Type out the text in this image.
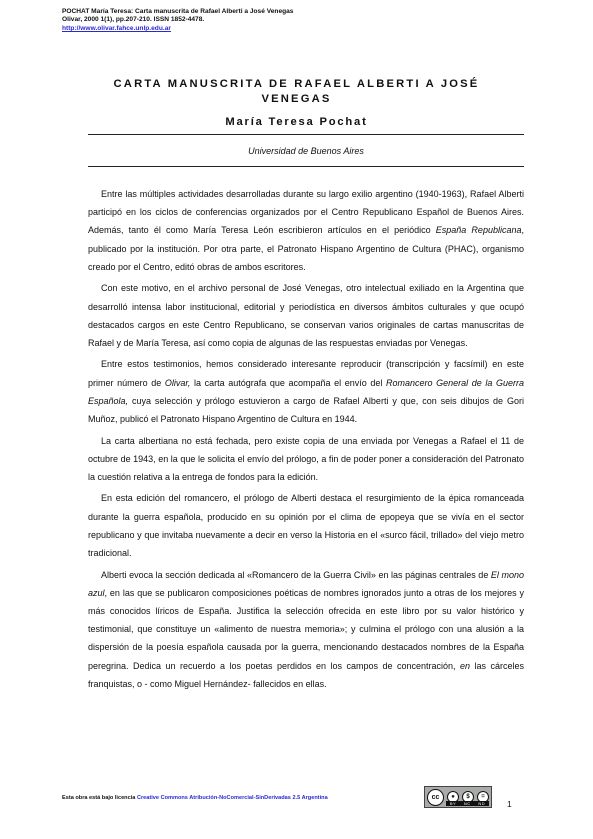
POCHAT María Teresa: Carta manuscrita de Rafael Alberti a José Venegas
Olivar, 2000 1(1), pp.207-210. ISSN 1852-4478.
http://www.olivar.fahce.unlp.edu.ar
CARTA MANUSCRITA DE RAFAEL ALBERTI A JOSÉ VENEGAS
María Teresa Pochat
Universidad de Buenos Aires

Entre las múltiples actividades desarrolladas durante su largo exilio argentino (1940-1963), Rafael Alberti participó en los ciclos de conferencias organizados por el Centro Republicano Español de Buenos Aires. Además, tanto él como María Teresa León escribieron artículos en el periódico España Republicana, publicado por la institución. Por otra parte, el Patronato Hispano Argentino de Cultura (PHAC), organismo creado por el Centro, editó obras de ambos escritores.

Con este motivo, en el archivo personal de José Venegas, otro intelectual exiliado en la Argentina que desarrolló intensa labor institucional, editorial y periodística en diversos ámbitos culturales y que ocupó destacados cargos en este Centro Republicano, se conservan varios originales de cartas manuscritas de Rafael y de María Teresa, así como copia de algunas de las respuestas enviadas por Venegas.

Entre estos testimonios, hemos considerado interesante reproducir (transcripción y facsímil) en este primer número de Olivar, la carta autógrafa que acompaña el envío del Romancero General de la Guerra Española, cuya selección y prólogo estuvieron a cargo de Rafael Alberti y que, con seis dibujos de Gori Muñoz, publicó el Patronato Hispano Argentino de Cultura en 1944.

La carta albertiana no está fechada, pero existe copia de una enviada por Venegas a Rafael el 11 de octubre de 1943, en la que le solicita el envío del prólogo, a fin de poder poner a consideración del Patronato la cuestión relativa a la entrega de fondos para la edición.

En esta edición del romancero, el prólogo de Alberti destaca el resurgimiento de la épica romanceada durante la guerra española, producido en su opinión por el clima de epopeya que se vivía en el sector republicano y que invitaba nuevamente a decir en verso la Historia en el «surco fácil, trillado» del viejo metro tradicional.

Alberti evoca la sección dedicada al «Romancero de la Guerra Civil» en las páginas centrales de El mono azul, en las que se publicaron composiciones poéticas de nombres ignorados junto a otras de los mejores y más conocidos líricos de España. Justifica la selección ofrecida en este libro por su valor histórico y testimonial, que constituye un «alimento de nuestra memoria»; y culmina el prólogo con una alusión a la dispersión de la poesía española causada por la guerra, mencionando destacados nombres de la España peregrina. Dedica un recuerdo a los poetas perdidos en los campos de concentración, en las cárceles franquistas, o - como Miguel Hernández- fallecidos en ellas.

Esta obra está bajo licencia Creative Commons Atribución-NoComercial-SinDerivadas 2.5 Argentina	cc	●	$	=
BY NC ND	1
